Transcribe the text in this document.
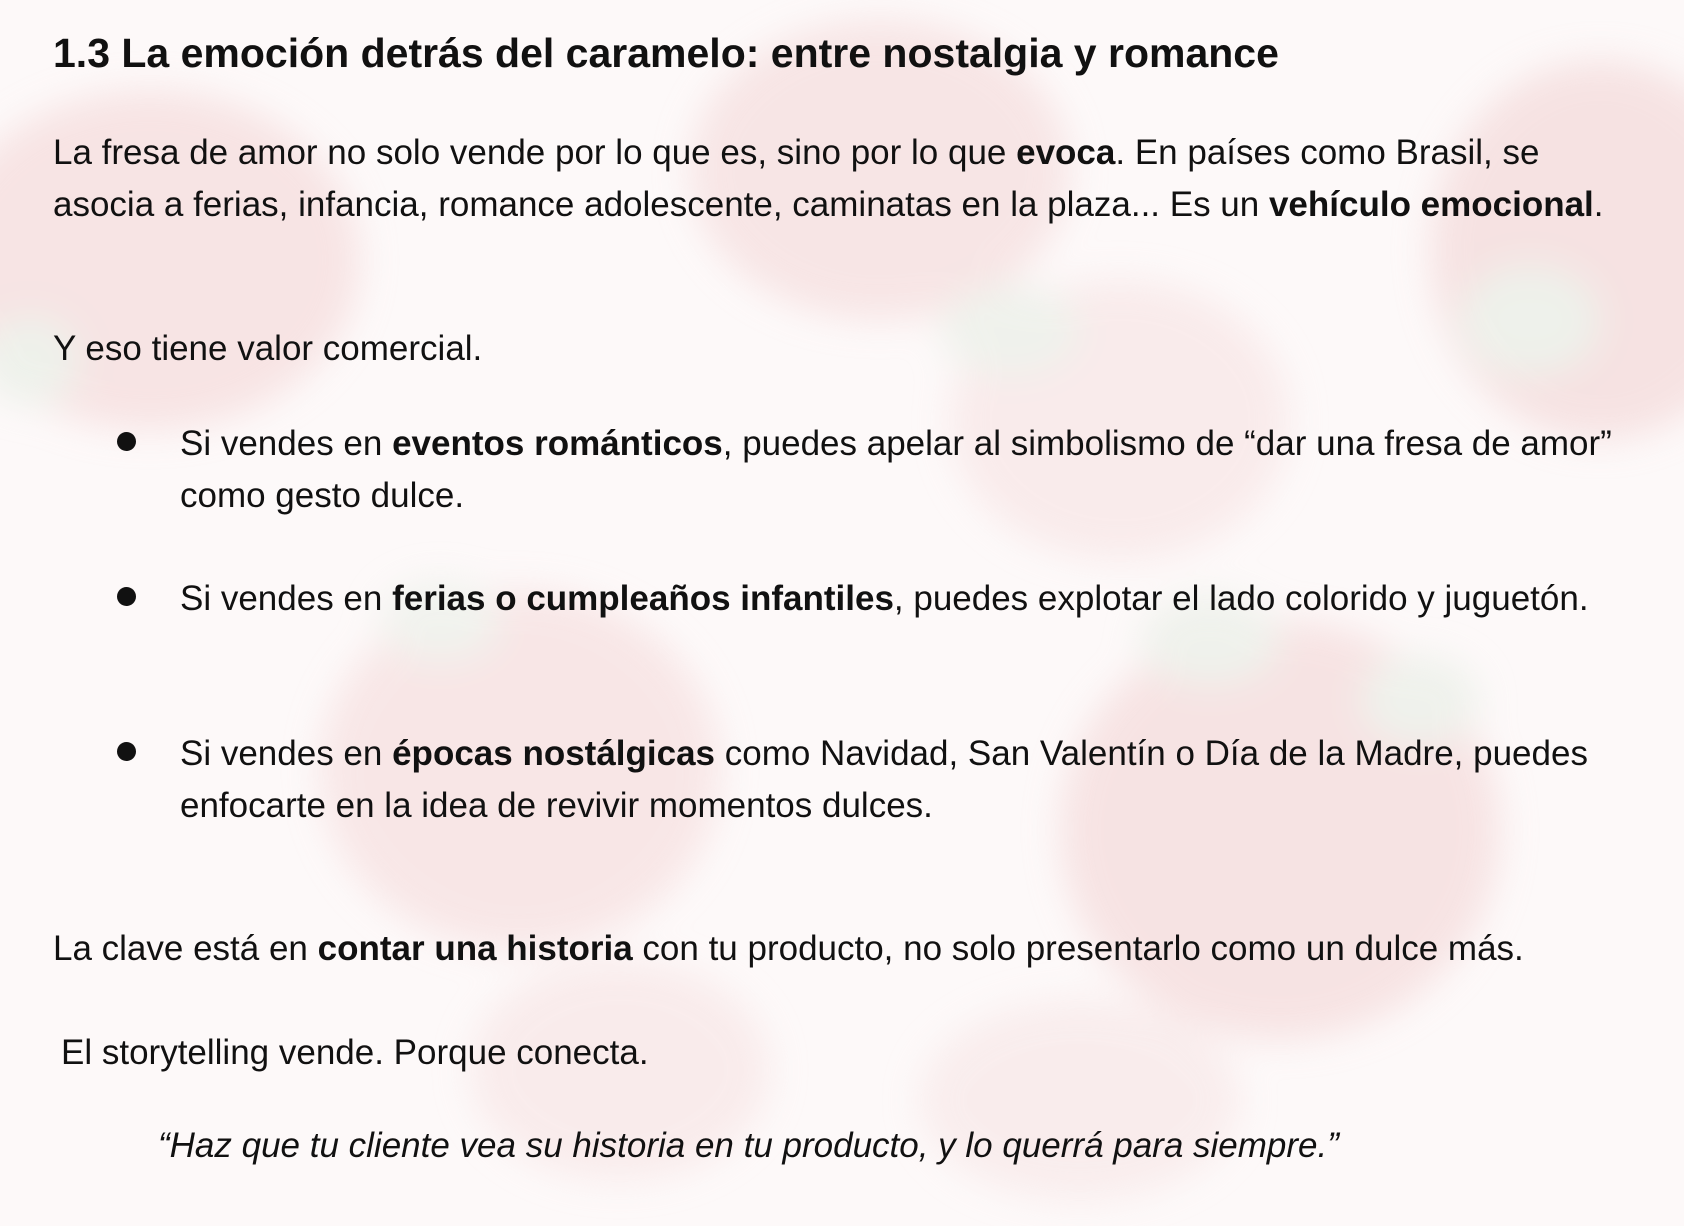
1.3 La emoción detrás del caramelo: entre nostalgia y romance

La fresa de amor no solo vende por lo que es, sino por lo que evoca. En países como Brasil, se asocia a ferias, infancia, romance adolescente, caminatas en la plaza... Es un vehículo emocional.

Y eso tiene valor comercial.

Si vendes en eventos románticos, puedes apelar al simbolismo de “dar una fresa de amor” como gesto dulce.

Si vendes en ferias o cumpleaños infantiles, puedes explotar el lado colorido y juguetón.

Si vendes en épocas nostálgicas como Navidad, San Valentín o Día de la Madre, puedes enfocarte en la idea de revivir momentos dulces.

La clave está en contar una historia con tu producto, no solo presentarlo como un dulce más.

El storytelling vende. Porque conecta.

“Haz que tu cliente vea su historia en tu producto, y lo querrá para siempre.”
